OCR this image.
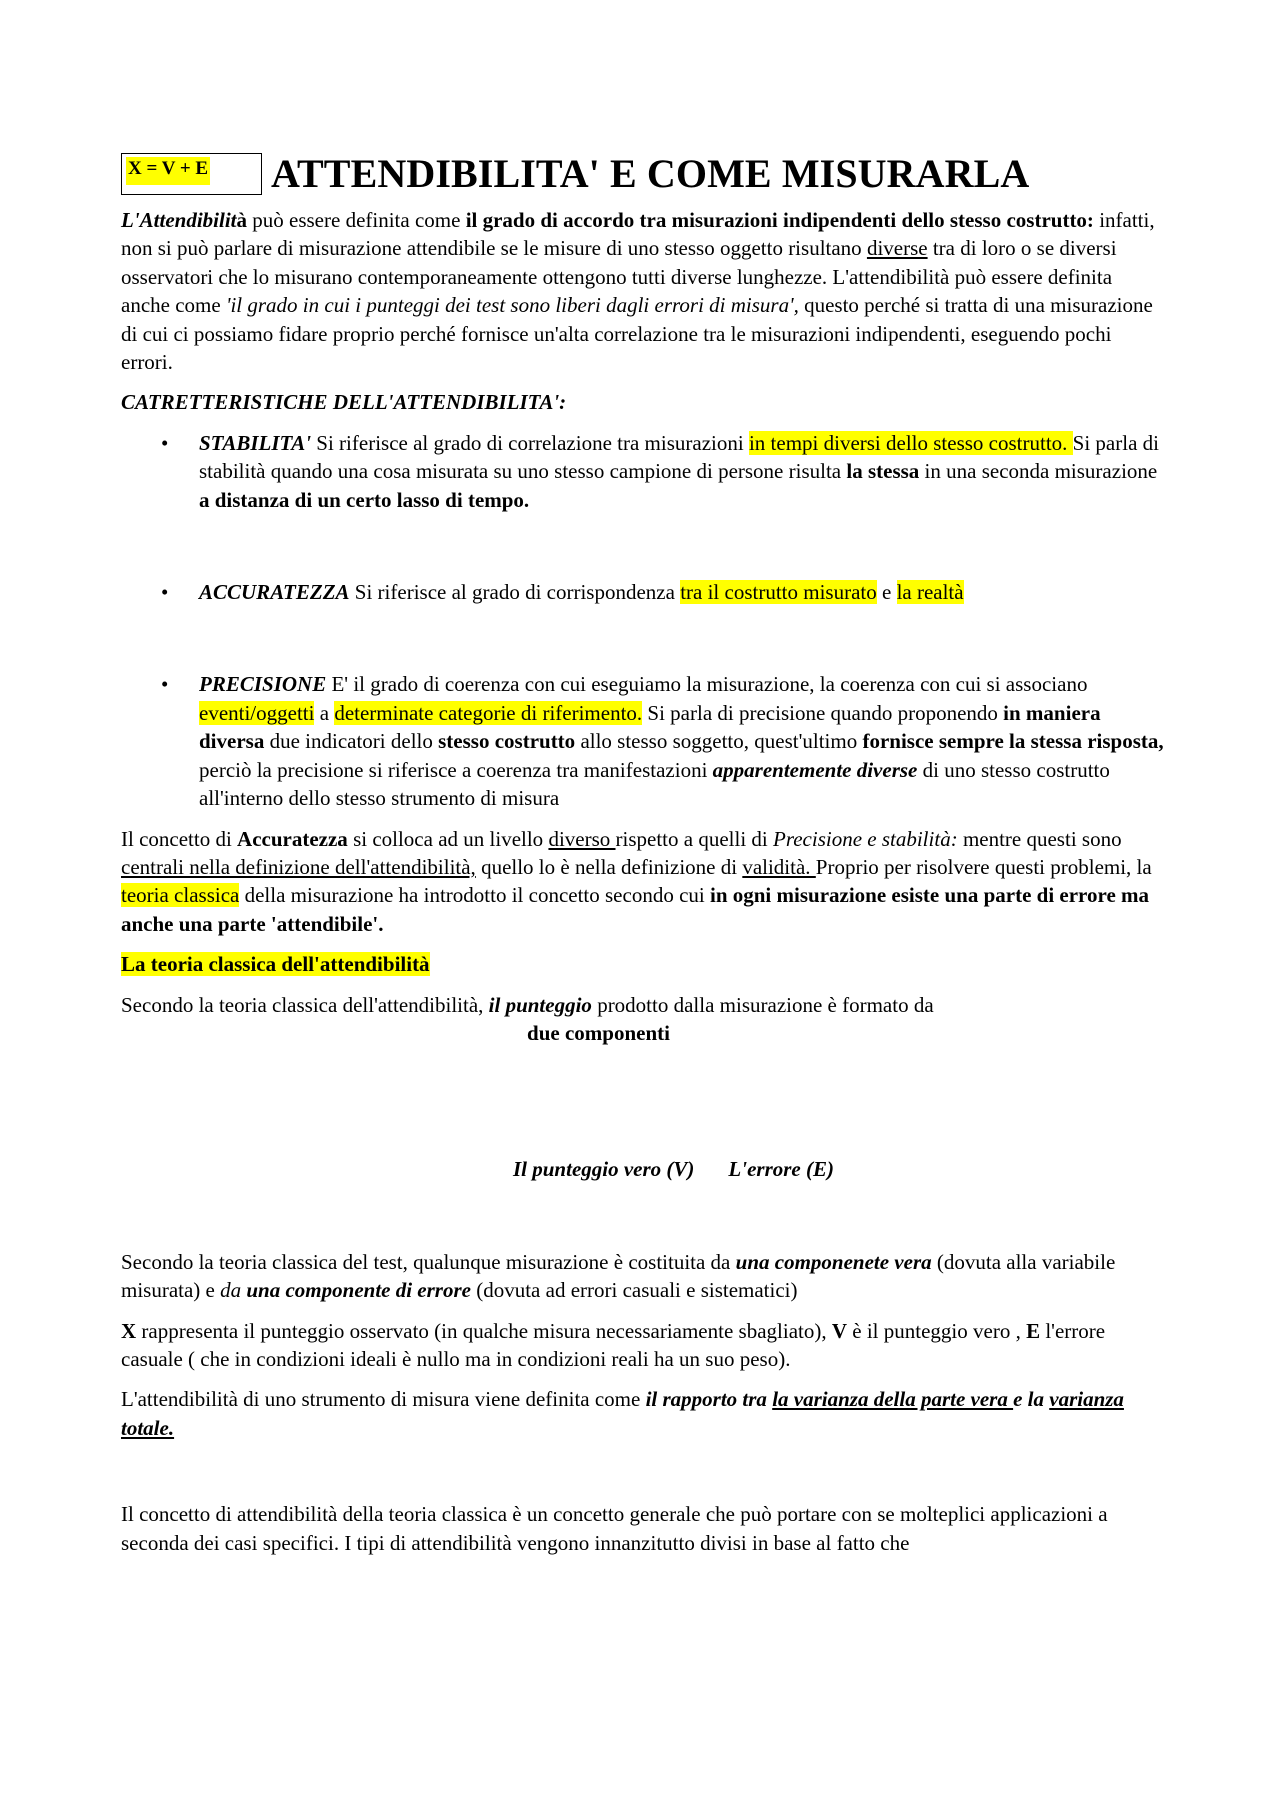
X = V + E ATTENDIBILITA' E COME MISURARLA

L'Attendibilità può essere definita come il grado di accordo tra misurazioni indipendenti dello stesso costrutto: infatti, non si può parlare di misurazione attendibile se le misure di uno stesso oggetto risultano diverse tra di loro o se diversi osservatori che lo misurano contemporaneamente ottengono tutti diverse lunghezze. L'attendibilità può essere definita anche come 'il grado in cui i punteggi dei test sono liberi dagli errori di misura', questo perché si tratta di una misurazione di cui ci possiamo fidare proprio perché fornisce un'alta correlazione tra le misurazioni indipendenti, eseguendo pochi errori.

CATRETTERISTICHE DELL'ATTENDIBILITA':

• STABILITA' Si riferisce al grado di correlazione tra misurazioni in tempi diversi dello stesso costrutto. Si parla di stabilità quando una cosa misurata su uno stesso campione di persone risulta la stessa in una seconda misurazione a distanza di un certo lasso di tempo.
• ACCURATEZZA Si riferisce al grado di corrispondenza tra il costrutto misurato e la realtà
• PRECISIONE E' il grado di coerenza con cui eseguiamo la misurazione, la coerenza con cui si associano eventi/oggetti a determinate categorie di riferimento. Si parla di precisione quando proponendo in maniera diversa due indicatori dello stesso costrutto allo stesso soggetto, quest'ultimo fornisce sempre la stessa risposta, perciò la precisione si riferisce a coerenza tra manifestazioni apparentemente diverse di uno stesso costrutto all'interno dello stesso strumento di misura

Il concetto di Accuratezza si colloca ad un livello diverso rispetto a quelli di Precisione e stabilità: mentre questi sono centrali nella definizione dell'attendibilità, quello lo è nella definizione di validità. Proprio per risolvere questi problemi, la teoria classica della misurazione ha introdotto il concetto secondo cui in ogni misurazione esiste una parte di errore ma anche una parte 'attendibile'.

La teoria classica dell'attendibilità

Secondo la teoria classica dell'attendibilità, il punteggio prodotto dalla misurazione è formato da

due componenti

Il punteggio vero (V) L'errore (E)

Secondo la teoria classica del test, qualunque misurazione è costituita da una componenete vera (dovuta alla variabile misurata) e da una componente di errore (dovuta ad errori casuali e sistematici)

X rappresenta il punteggio osservato (in qualche misura necessariamente sbagliato), V è il punteggio vero , E l'errore casuale ( che in condizioni ideali è nullo ma in condizioni reali ha un suo peso).

L'attendibilità di uno strumento di misura viene definita come il rapporto tra la varianza della parte vera e la varianza totale.

Il concetto di attendibilità della teoria classica è un concetto generale che può portare con se molteplici applicazioni a seconda dei casi specifici. I tipi di attendibilità vengono innanzitutto divisi in base al fatto che
